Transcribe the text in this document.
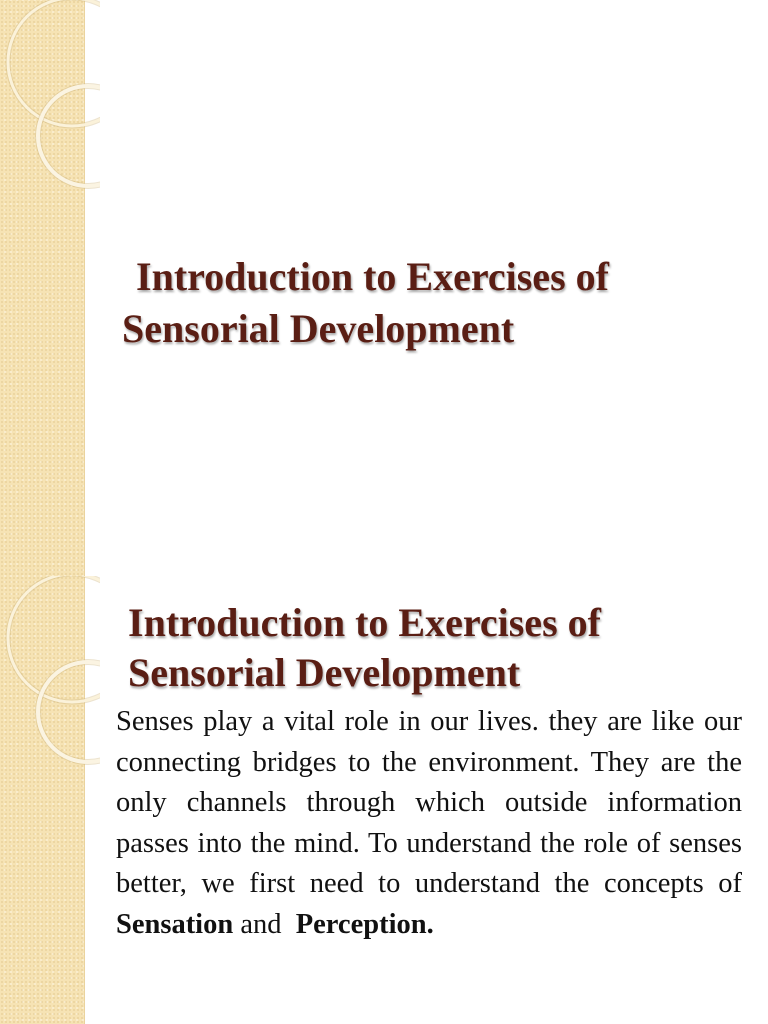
Introduction to Exercises of
Sensorial Development
Introduction to Exercises of
Sensorial Development

Senses play a vital role in our lives. they are like our connecting bridges to the environment. They are the only channels through which outside information passes into the mind. To understand the role of senses better, we first need to understand the concepts of Sensation and Perception.
